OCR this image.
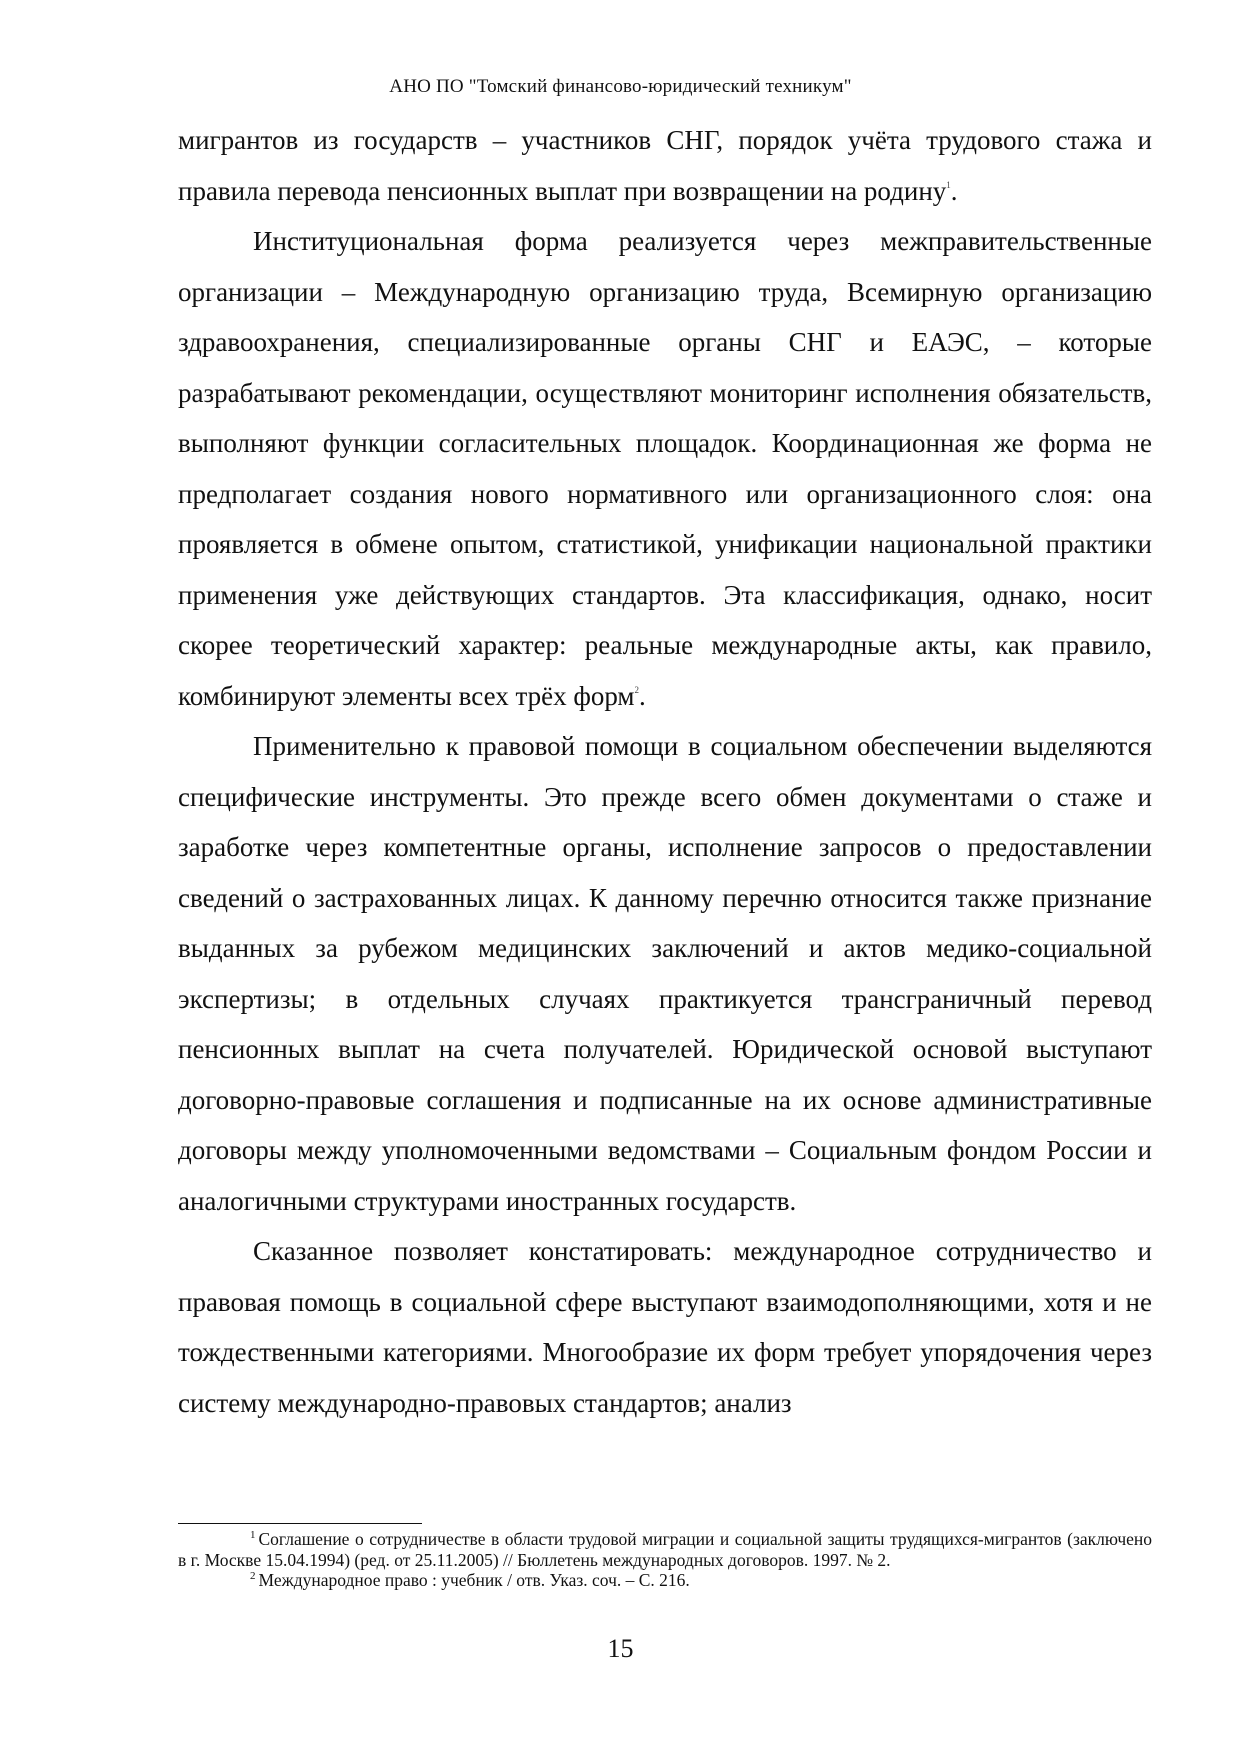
АНО ПО "Томский финансово-юридический техникум"

мигрантов из государств – участников СНГ, порядок учёта трудового стажа и правила перевода пенсионных выплат при возвращении на родину$^1$.

Институциональная форма реализуется через межправительственные организации – Международную организацию труда, Всемирную организацию здравоохранения, специализированные органы СНГ и ЕАЭС, – которые разрабатывают рекомендации, осуществляют мониторинг исполнения обязательств, выполняют функции согласительных площадок. Координационная же форма не предполагает создания нового нормативного или организационного слоя: она проявляется в обмене опытом, статистикой, унификации национальной практики применения уже действующих стандартов. Эта классификация, однако, носит скорее теоретический характер: реальные международные акты, как правило, комбинируют элементы всех трёх форм$^2$.

Применительно к правовой помощи в социальном обеспечении выделяются специфические инструменты. Это прежде всего обмен документами о стаже и заработке через компетентные органы, исполнение запросов о предоставлении сведений о застрахованных лицах. К данному перечню относится также признание выданных за рубежом медицинских заключений и актов медико-социальной экспертизы; в отдельных случаях практикуется трансграничный перевод пенсионных выплат на счета получателей. Юридической основой выступают договорно-правовые соглашения и подписанные на их основе административные договоры между уполномоченными ведомствами – Социальным фондом России и аналогичными структурами иностранных государств.

Сказанное позволяет констатировать: международное сотрудничество и правовая помощь в социальной сфере выступают взаимодополняющими, хотя и не тождественными категориями. Многообразие их форм требует упорядочения через систему международно-правовых стандартов; анализ

$^1$ Соглашение о сотрудничестве в области трудовой миграции и социальной защиты трудящихся-мигрантов (заключено в г. Москве 15.04.1994) (ред. от 25.11.2005) // Бюллетень международных договоров. 1997. № 2.

$^2$ Международное право : учебник / отв. Указ. соч. – С. 216.

15
